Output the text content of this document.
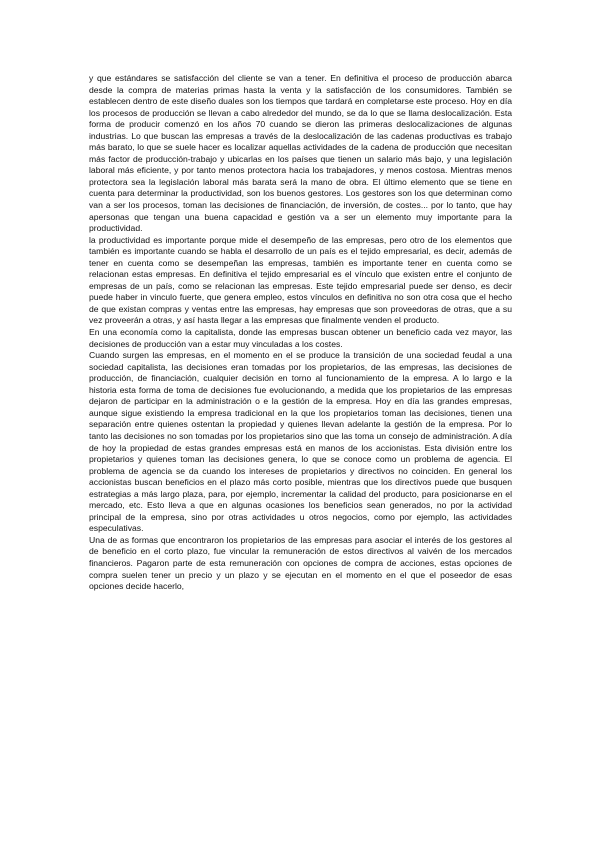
y que estándares se satisfacción del cliente se van a tener. En definitiva el proceso de producción abarca desde la compra de materias primas hasta la venta y la satisfacción de los consumidores. También se establecen dentro de este diseño duales son los tiempos que tardará en completarse este proceso. Hoy en día los procesos de producción se llevan a cabo alrededor del mundo, se da lo que se llama deslocalización. Esta forma de producir comenzó en los años 70 cuando se dieron las primeras deslocalizaciones de algunas industrias. Lo que buscan las empresas a través de la deslocalización de las cadenas productivas es trabajo más barato, lo que se suele hacer es localizar aquellas actividades de la cadena de producción que necesitan más factor de producción-trabajo y ubicarlas en los países que tienen un salario más bajo, y una legislación laboral más eficiente, y por tanto menos protectora hacia los trabajadores, y menos costosa. Mientras menos protectora sea la legislación laboral más barata será la mano de obra. El último elemento que se tiene en cuenta para determinar la productividad, son los buenos gestores. Los gestores son los que determinan como van a ser los procesos, toman las decisiones de financiación, de inversión, de costes... por lo tanto, que hay apersonas que tengan una buena capacidad e gestión va a ser un elemento muy importante para la productividad.

la productividad es importante porque mide el desempeño de las empresas, pero otro de los elementos que también es importante cuando se habla el desarrollo de un país es el tejido empresarial, es decir, además de tener en cuenta como se desempeñan las empresas, también es importante tener en cuenta como se relacionan estas empresas. En definitiva el tejido empresarial es el vínculo que existen entre el conjunto de empresas de un país, como se relacionan las empresas. Este tejido empresarial puede ser denso, es decir puede haber in vinculo fuerte, que genera empleo, estos vínculos en definitiva no son otra cosa que el hecho de que existan compras y ventas entre las empresas, hay empresas que son proveedoras de otras, que a su vez proveerán a otras, y así hasta llegar a las empresas que finalmente venden el producto.

En una economía como la capitalista, donde las empresas buscan obtener un beneficio cada vez mayor, las decisiones de producción van a estar muy vinculadas a los costes.

Cuando surgen las empresas, en el momento en el se produce la transición de una sociedad feudal a una sociedad capitalista, las decisiones eran tomadas por los propietarios, de las empresas, las decisiones de producción, de financiación, cualquier decisión en torno al funcionamiento de la empresa. A lo largo e la historia esta forma de toma de decisiones fue evolucionando, a medida que los propietarios de las empresas dejaron de participar en la administración o e la gestión de la empresa. Hoy en día las grandes empresas, aunque sigue existiendo la empresa tradicional en la que los propietarios toman las decisiones, tienen una separación entre quienes ostentan la propiedad y quienes llevan adelante la gestión de la empresa. Por lo tanto las decisiones no son tomadas por los propietarios sino que las toma un consejo de administración. A día de hoy la propiedad de estas grandes empresas está en manos de los accionistas. Esta división entre los propietarios y quienes toman las decisiones genera, lo que se conoce como un problema de agencia. El problema de agencia se da cuando los intereses de propietarios y directivos no coinciden. En general los accionistas buscan beneficios en el plazo más corto posible, mientras que los directivos puede que busquen estrategias a más largo plaza, para, por ejemplo, incrementar la calidad del producto, para posicionarse en el mercado, etc. Esto lleva a que en algunas ocasiones los beneficios sean generados, no por la actividad principal de la empresa, sino por otras actividades u otros negocios, como por ejemplo, las actividades especulativas.

Una de as formas que encontraron los propietarios de las empresas para asociar el interés de los gestores al de beneficio en el corto plazo, fue vincular la remuneración de estos directivos al vaivén de los mercados financieros. Pagaron parte de esta remuneración con opciones de compra de acciones, estas opciones de compra suelen tener un precio y un plazo y se ejecutan en el momento en el que el poseedor de esas opciones decide hacerlo,
